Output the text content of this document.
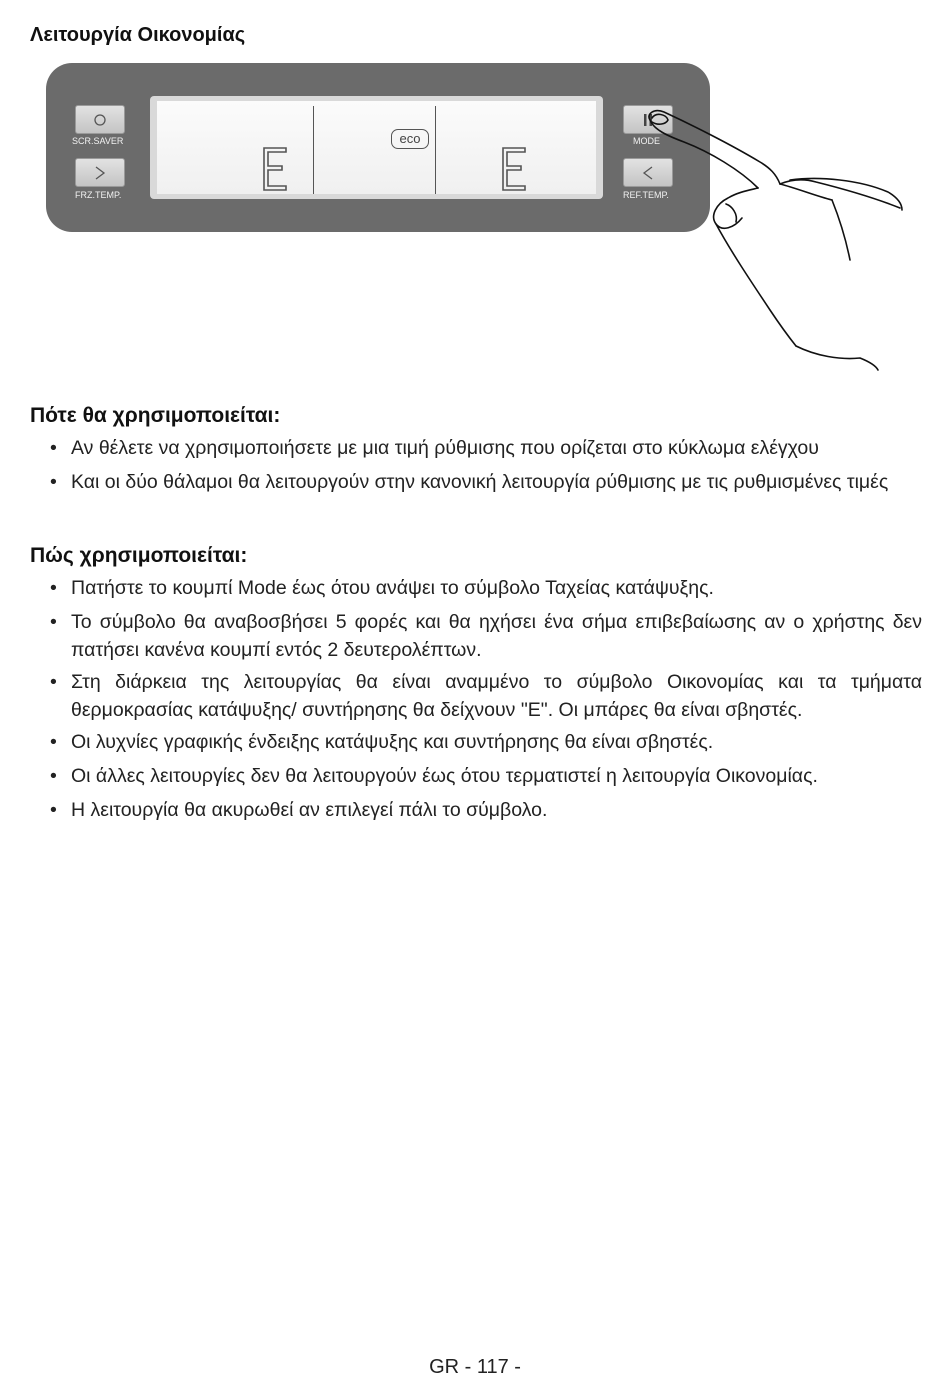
Λειτουργία Οικονομίας
SCR.SAVER
FRZ.TEMP.
MODE
REF.TEMP.
eco
Πότε θα χρησιμοποιείται:
• Αν θέλετε να χρησιμοποιήσετε με μια τιμή ρύθμισης που ορίζεται στο κύκλωμα ελέγχου
• Και οι δύο θάλαμοι θα λειτουργούν στην κανονική λειτουργία ρύθμισης με τις ρυθμισμένες τιμές
Πώς χρησιμοποιείται:
• Πατήστε το κουμπί Mode έως ότου ανάψει το σύμβολο Ταχείας κατάψυξης.
• Το σύμβολο θα αναβοσβήσει 5 φορές και θα ηχήσει ένα σήμα επιβεβαίωσης αν ο χρήστης δεν πατήσει κανένα κουμπί εντός 2 δευτερολέπτων.
• Στη διάρκεια της λειτουργίας θα είναι αναμμένο το σύμβολο Οικονομίας και τα τμήματα θερμοκρασίας κατάψυξης/ συντήρησης θα δείχνουν "E". Οι μπάρες θα είναι σβηστές.
• Οι λυχνίες γραφικής ένδειξης κατάψυξης και συντήρησης θα είναι σβηστές.
• Οι άλλες λειτουργίες δεν θα λειτουργούν έως ότου τερματιστεί η λειτουργία Οικονομίας.
• Η λειτουργία θα ακυρωθεί αν επιλεγεί πάλι το σύμβολο.
GR - 117 -
